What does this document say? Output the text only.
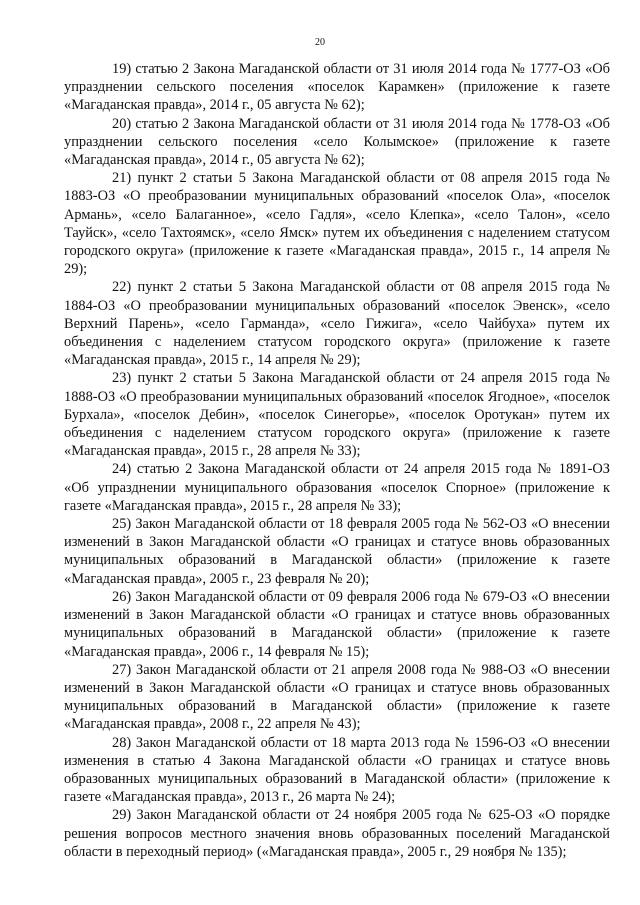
20

19) статью 2 Закона Магаданской области от 31 июля 2014 года № 1777-ОЗ «Об упразднении сельского поселения «поселок Карамкен» (приложение к газете «Магаданская правда», 2014 г., 05 августа № 62);

20) статью 2 Закона Магаданской области от 31 июля 2014 года № 1778-ОЗ «Об упразднении сельского поселения «село Колымское» (приложение к газете «Магаданская правда», 2014 г., 05 августа № 62);

21) пункт 2 статьи 5 Закона Магаданской области от 08 апреля 2015 года № 1883-ОЗ «О преобразовании муниципальных образований «поселок Ола», «поселок Армань», «село Балаганное», «село Гадля», «село Клепка», «село Талон», «село Тауйск», «село Тахтоямск», «село Ямск» путем их объединения с наделением статусом городского округа» (приложение к газете «Магаданская правда», 2015 г., 14 апреля № 29);

22) пункт 2 статьи 5 Закона Магаданской области от 08 апреля 2015 года № 1884-ОЗ «О преобразовании муниципальных образований «поселок Эвенск», «село Верхний Парень», «село Гарманда», «село Гижига», «село Чайбуха» путем их объединения с наделением статусом городского округа» (приложение к газете «Магаданская правда», 2015 г., 14 апреля № 29);

23) пункт 2 статьи 5 Закона Магаданской области от 24 апреля 2015 года № 1888-ОЗ «О преобразовании муниципальных образований «поселок Ягодное», «поселок Бурхала», «поселок Дебин», «поселок Синегорье», «поселок Оротукан» путем их объединения с наделением статусом городского округа» (приложение к газете «Магаданская правда», 2015 г., 28 апреля № 33);

24) статью 2 Закона Магаданской области от 24 апреля 2015 года № 1891-ОЗ «Об упразднении муниципального образования «поселок Спорное» (приложение к газете «Магаданская правда», 2015 г., 28 апреля № 33);

25) Закон Магаданской области от 18 февраля 2005 года № 562-ОЗ «О внесении изменений в Закон Магаданской области «О границах и статусе вновь образованных муниципальных образований в Магаданской области» (приложение к газете «Магаданская правда», 2005 г., 23 февраля № 20);

26) Закон Магаданской области от 09 февраля 2006 года № 679-ОЗ «О внесении изменений в Закон Магаданской области «О границах и статусе вновь образованных муниципальных образований в Магаданской области» (приложение к газете «Магаданская правда», 2006 г., 14 февраля № 15);

27) Закон Магаданской области от 21 апреля 2008 года № 988-ОЗ «О внесении изменений в Закон Магаданской области «О границах и статусе вновь образованных муниципальных образований в Магаданской области» (приложение к газете «Магаданская правда», 2008 г., 22 апреля № 43);

28) Закон Магаданской области от 18 марта 2013 года № 1596-ОЗ «О внесении изменения в статью 4 Закона Магаданской области «О границах и статусе вновь образованных муниципальных образований в Магаданской области» (приложение к газете «Магаданская правда», 2013 г., 26 марта № 24);

29) Закон Магаданской области от 24 ноября 2005 года № 625-ОЗ «О порядке решения вопросов местного значения вновь образованных поселений Магаданской области в переходный период» («Магаданская правда», 2005 г., 29 ноября № 135);
